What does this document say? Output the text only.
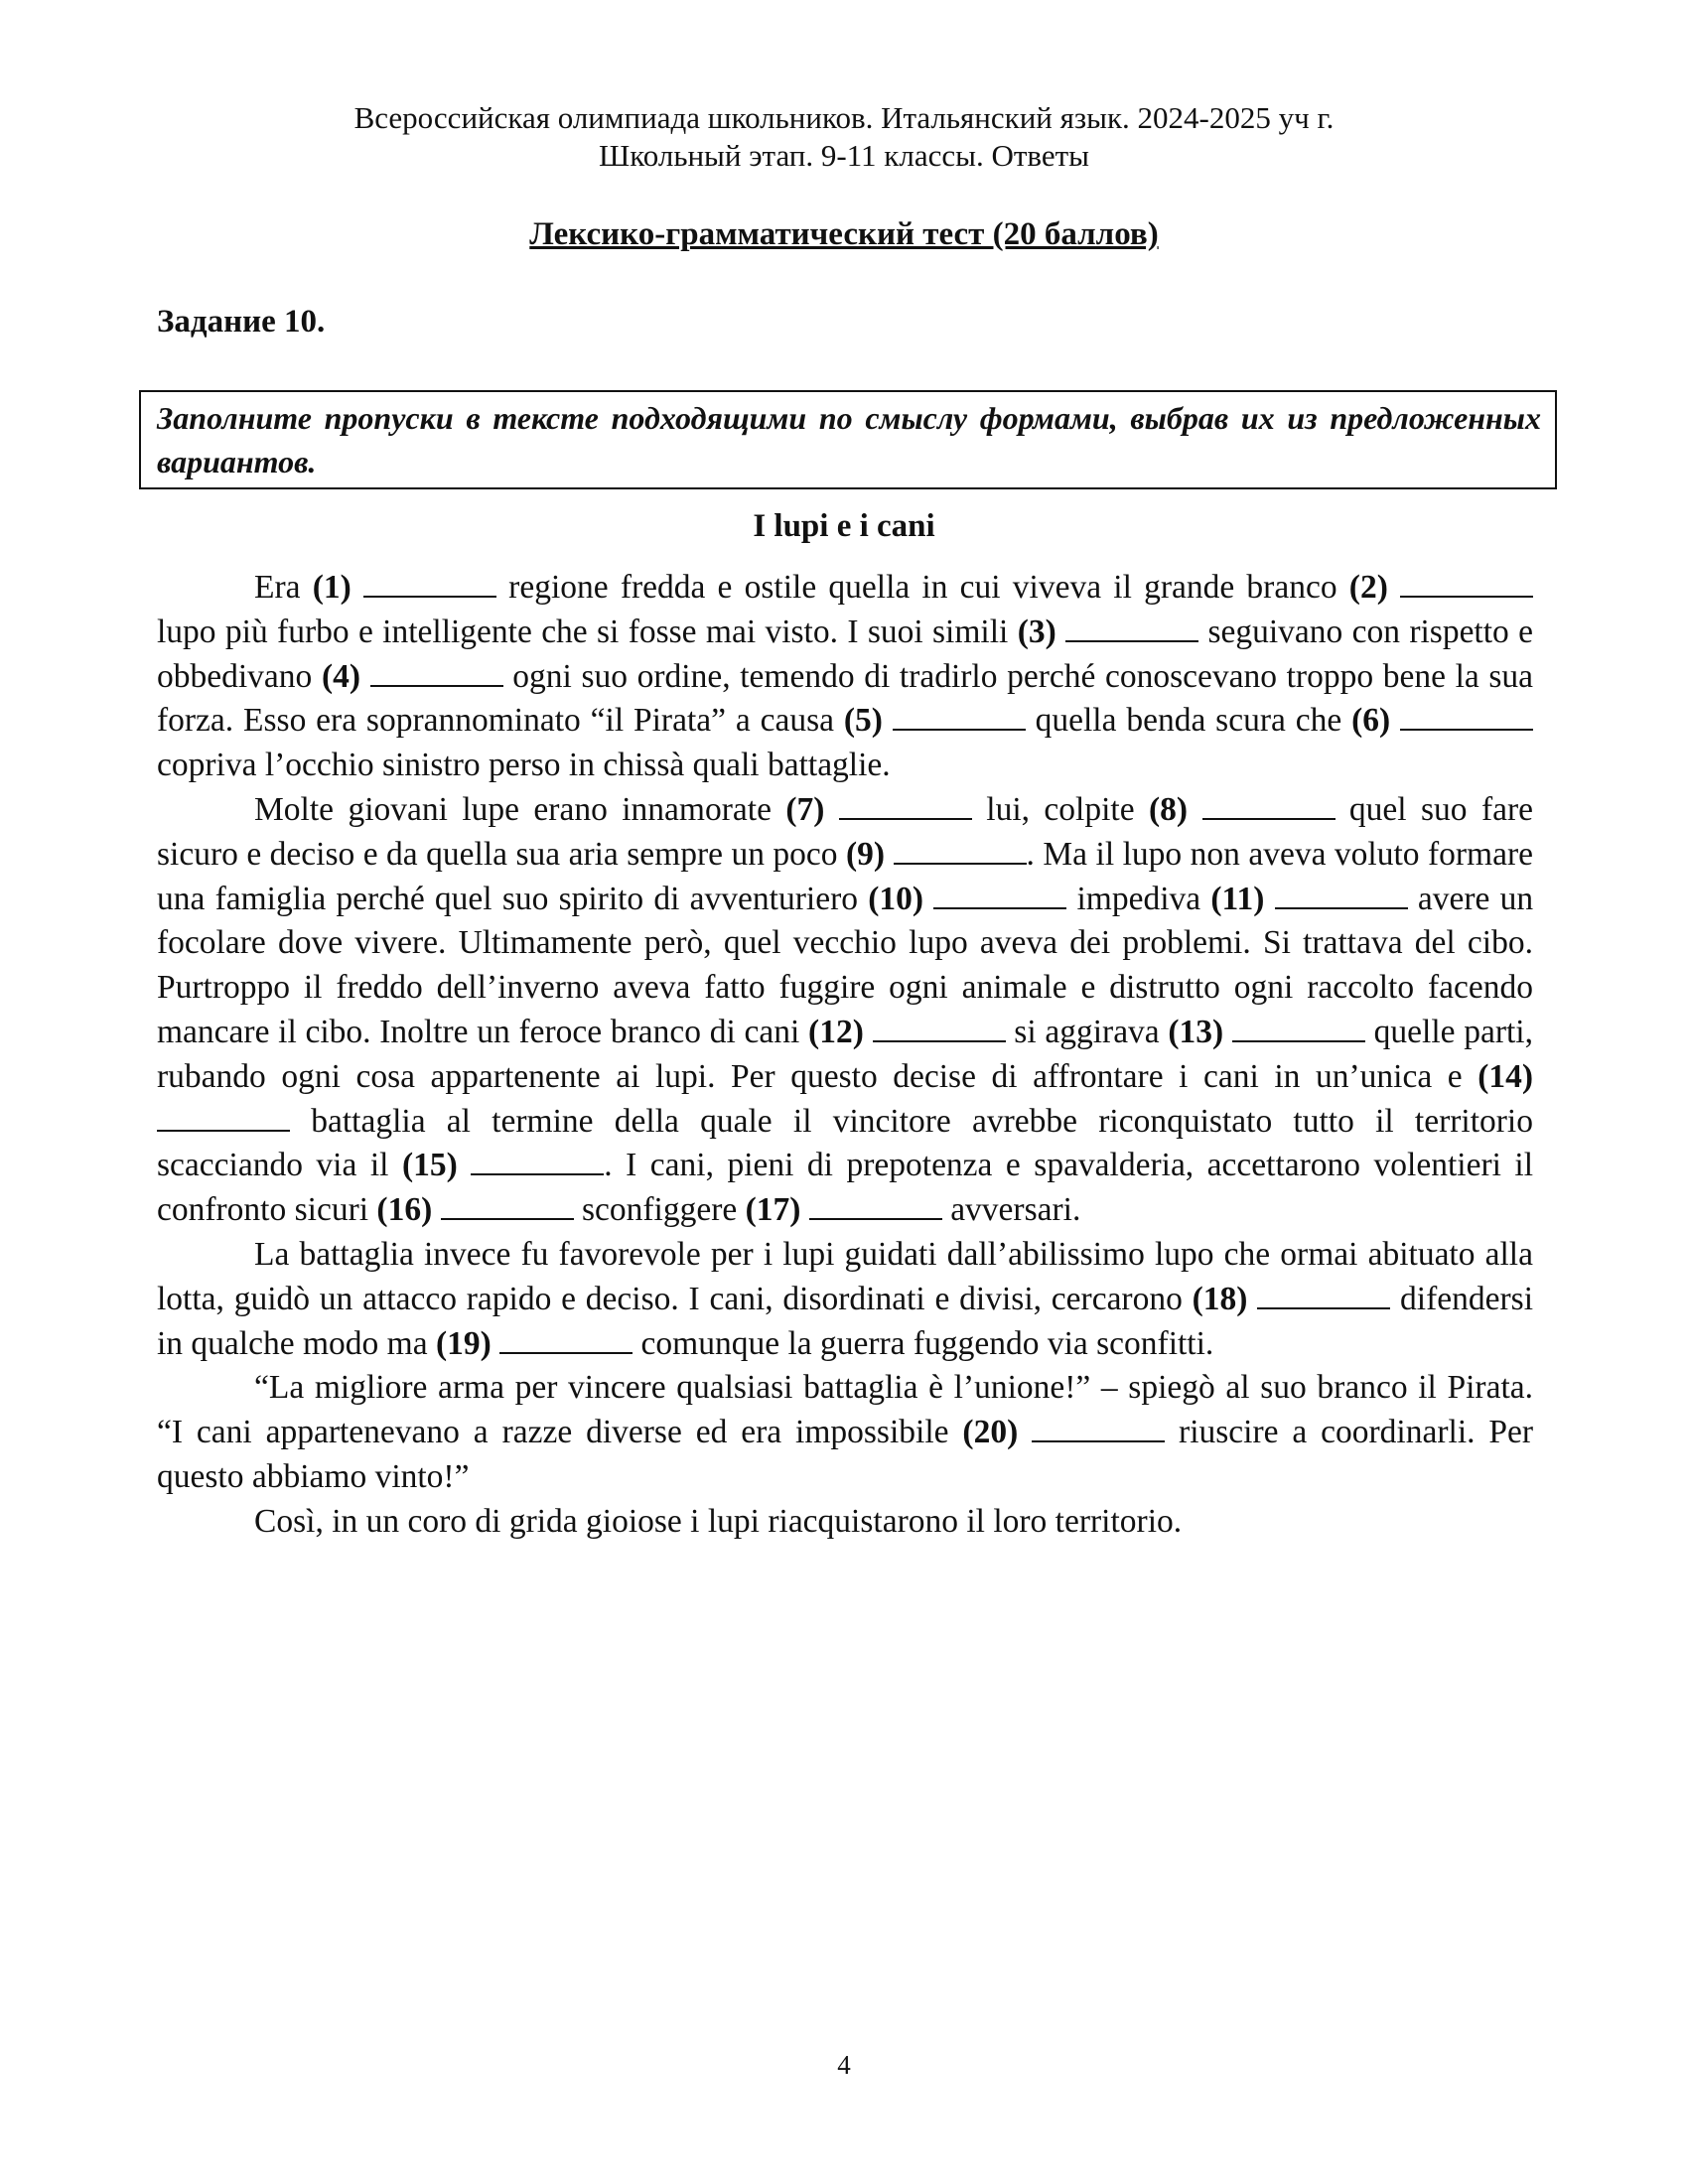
Всероссийская олимпиада школьников. Итальянский язык. 2024-2025 уч г.
Школьный этап. 9-11 классы. Ответы
Лексико-грамматический тест (20 баллов)
Задание 10.
Заполните пропуски в тексте подходящими по смыслу формами, выбрав их из предложенных вариантов.
I lupi e i cani

Era (1)	regione fredda e ostile quella in cui viveva il grande branco (2)  lupo più furbo e intelligente che si fosse mai visto. I suoi simili (3)	seguivano con rispetto e obbedivano (4)	ogni suo ordine, temendo di tradirlo perché conoscevano troppo bene la sua forza. Esso era soprannominato “il Pirata” a causa (5)	quella benda scura che (6)  copriva l’occhio sinistro perso in chissà quali battaglie.

Molte giovani lupe erano innamorate (7)	lui, colpite (8)	quel suo fare sicuro e deciso e da quella sua aria sempre un poco (9)	. Ma il lupo non aveva voluto formare una famiglia perché quel suo spirito di avventuriero (10)	impediva (11)	avere un focolare dove vivere. Ultimamente però, quel vecchio lupo aveva dei problemi. Si trattava del cibo. Purtroppo il freddo dell’inverno aveva fatto fuggire ogni animale e distrutto ogni raccolto facendo mancare il cibo. Inoltre un feroce branco di cani (12)	si aggirava (13)	quelle parti, rubando ogni cosa appartenente ai lupi. Per questo decise di affrontare i cani in un’unica e (14)  battaglia al termine della quale il vincitore avrebbe riconquistato tutto il territorio scacciando via il (15)	. I cani, pieni di prepotenza e spavalderia, accettarono volentieri il confronto sicuri (16)	sconfiggere (17)	avversari.

La battaglia invece fu favorevole per i lupi guidati dall’abilissimo lupo che ormai abituato alla lotta, guidò un attacco rapido e deciso. I cani, disordinati e divisi, cercarono (18)	difendersi in qualche modo ma (19)	comunque la guerra fuggendo via sconfitti.

“La migliore arma per vincere qualsiasi battaglia è l’unione!” – spiegò al suo branco il Pirata. “I cani appartenevano a razze diverse ed era impossibile (20)	riuscire a coordinarli. Per questo abbiamo vinto!”

Così, in un coro di grida gioiose i lupi riacquistarono il loro territorio.

4
